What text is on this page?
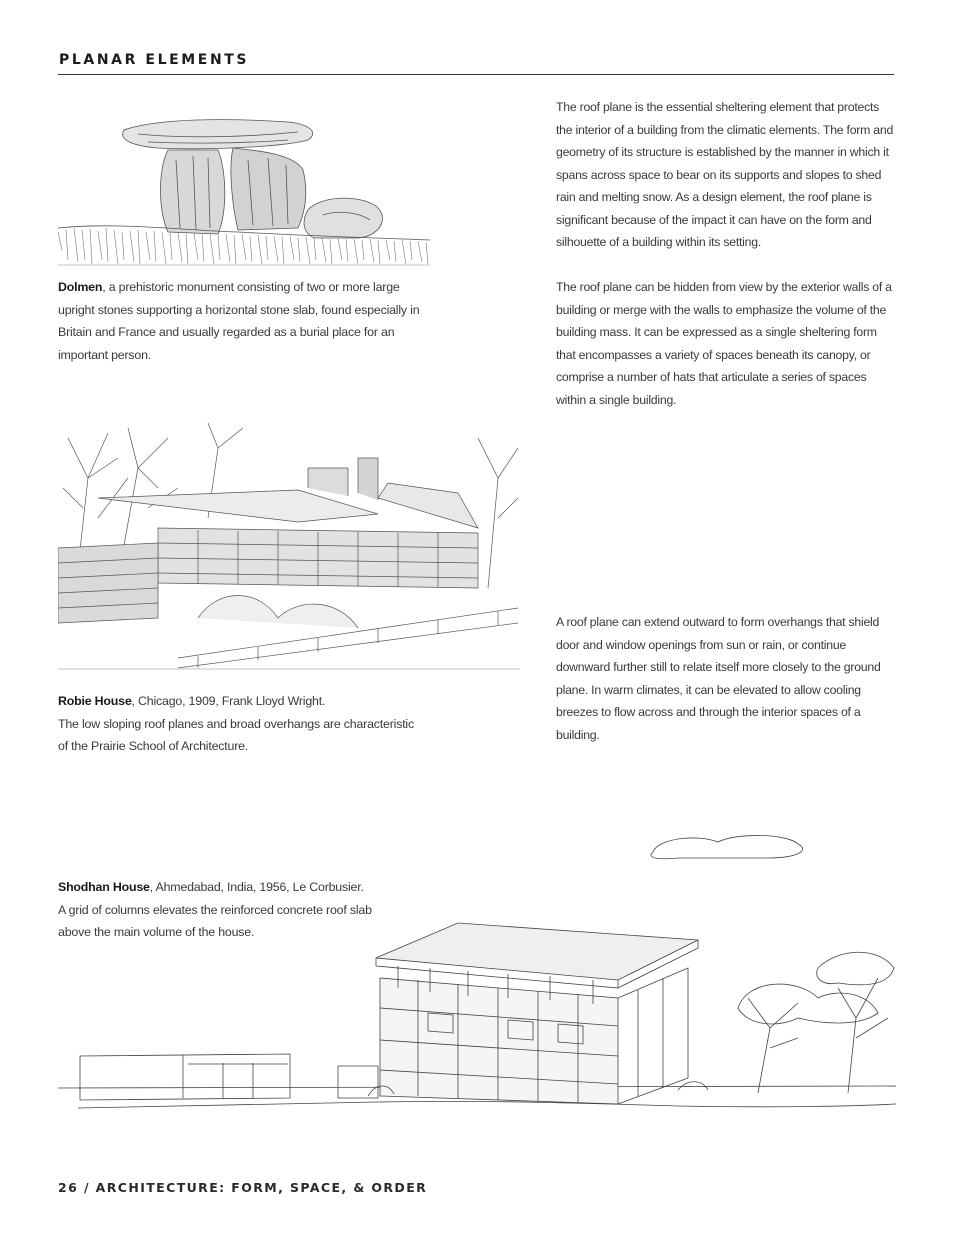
PLANAR ELEMENTS
Dolmen, a prehistoric monument consisting of two or more large upright stones supporting a horizontal stone slab, found especially in Britain and France and usually regarded as a burial place for an important person.
Robie House, Chicago, 1909, Frank Lloyd Wright.
The low sloping roof planes and broad overhangs are characteristic
of the Prairie School of Architecture.
Shodhan House, Ahmedabad, India, 1956, Le Corbusier.
A grid of columns elevates the reinforced concrete roof slab
above the main volume of the house.

The roof plane is the essential sheltering element that protects the interior of a building from the climatic elements. The form and geometry of its structure is established by the manner in which it spans across space to bear on its supports and slopes to shed rain and melting snow. As a design element, the roof plane is significant because of the impact it can have on the form and silhouette of a building within its setting.

The roof plane can be hidden from view by the exterior walls of a building or merge with the walls to emphasize the volume of the building mass. It can be expressed as a single sheltering form that encompasses a variety of spaces beneath its canopy, or comprise a number of hats that articulate a series of spaces within a single building.

A roof plane can extend outward to form overhangs that shield door and window openings from sun or rain, or continue downward further still to relate itself more closely to the ground plane. In warm climates, it can be elevated to allow cooling breezes to flow across and through the interior spaces of a building.

26 / ARCHITECTURE: FORM, SPACE, & ORDER
